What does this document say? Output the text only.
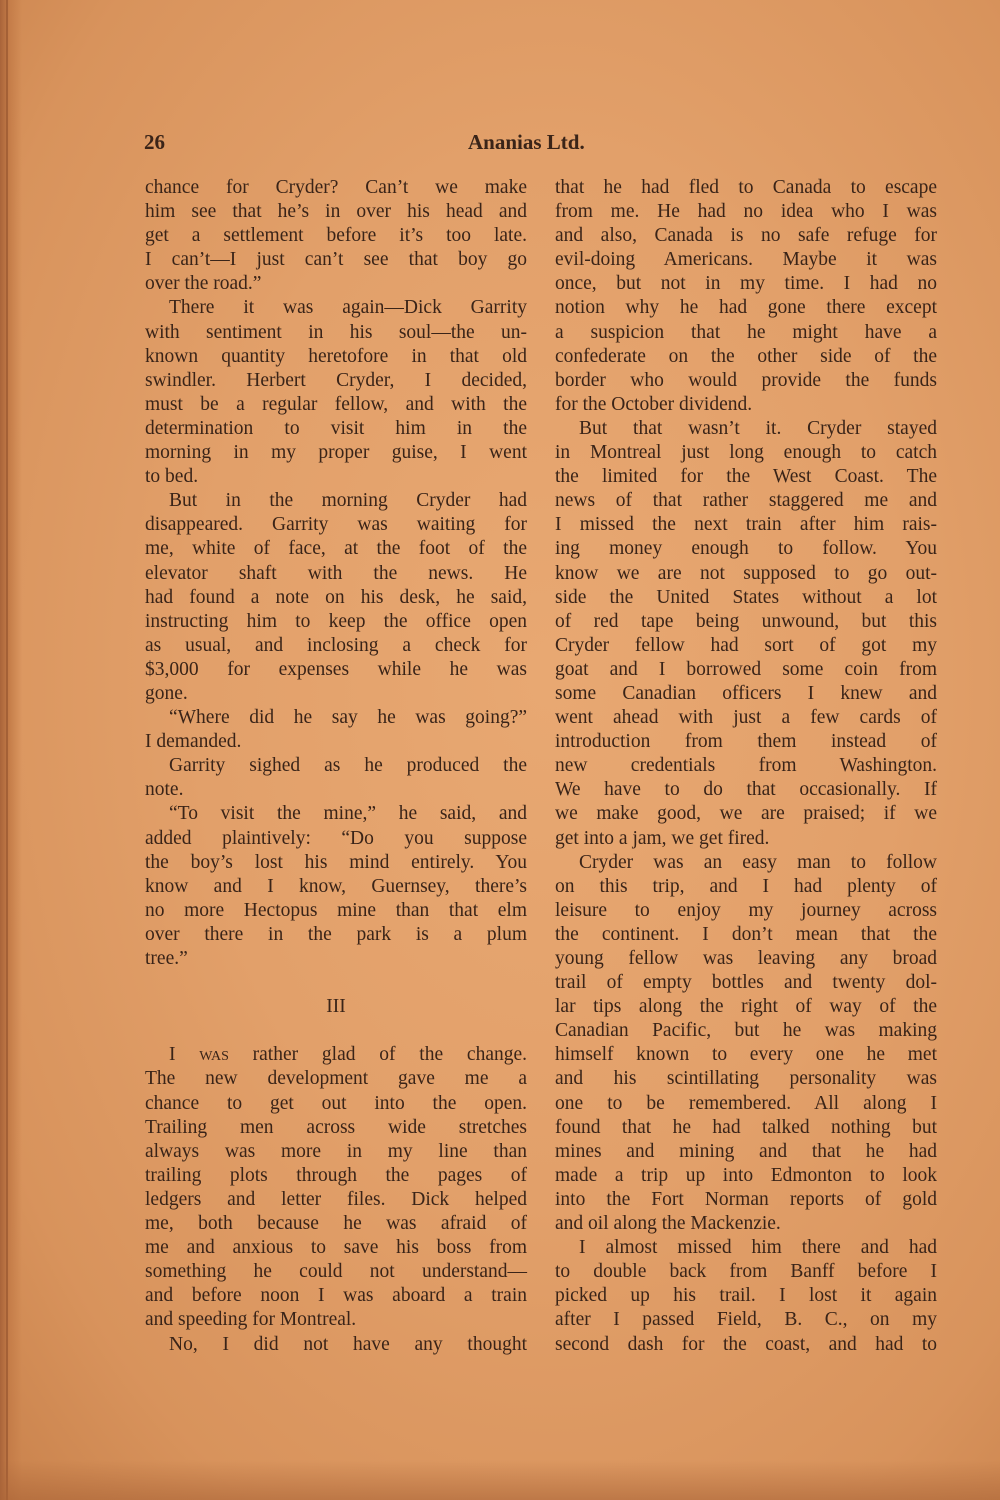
26	Ananias Ltd.
chance for Cryder? Can’t we make
him see that he’s in over his head and
get a settlement before it’s too late.
I can’t—I just can’t see that boy go
over the road.”
There it was again—Dick Garrity
with sentiment in his soul—the un-
known quantity heretofore in that old
swindler. Herbert Cryder, I decided,
must be a regular fellow, and with the
determination to visit him in the
morning in my proper guise, I went
to bed.
But in the morning Cryder had
disappeared. Garrity was waiting for
me, white of face, at the foot of the
elevator shaft with the news. He
had found a note on his desk, he said,
instructing him to keep the office open
as usual, and inclosing a check for
$3,000 for expenses while he was
gone.
“Where did he say he was going?”
I demanded.
Garrity sighed as he produced the
note.
“To visit the mine,” he said, and
added plaintively: “Do you suppose
the boy’s lost his mind entirely. You
know and I know, Guernsey, there’s
no more Hectopus mine than that elm
over there in the park is a plum
tree.”
III
I was rather glad of the change.
The new development gave me a
chance to get out into the open.
Trailing men across wide stretches
always was more in my line than
trailing plots through the pages of
ledgers and letter files. Dick helped
me, both because he was afraid of
me and anxious to save his boss from
something he could not understand—
and before noon I was aboard a train
and speeding for Montreal.
No, I did not have any thought
that he had fled to Canada to escape
from me. He had no idea who I was
and also, Canada is no safe refuge for
evil-doing Americans. Maybe it was
once, but not in my time. I had no
notion why he had gone there except
a suspicion that he might have a
confederate on the other side of the
border who would provide the funds
for the October dividend.
But that wasn’t it. Cryder stayed
in Montreal just long enough to catch
the limited for the West Coast. The
news of that rather staggered me and
I missed the next train after him rais-
ing money enough to follow. You
know we are not supposed to go out-
side the United States without a lot
of red tape being unwound, but this
Cryder fellow had sort of got my
goat and I borrowed some coin from
some Canadian officers I knew and
went ahead with just a few cards of
introduction from them instead of
new credentials from Washington.
We have to do that occasionally. If
we make good, we are praised; if we
get into a jam, we get fired.
Cryder was an easy man to follow
on this trip, and I had plenty of
leisure to enjoy my journey across
the continent. I don’t mean that the
young fellow was leaving any broad
trail of empty bottles and twenty dol-
lar tips along the right of way of the
Canadian Pacific, but he was making
himself known to every one he met
and his scintillating personality was
one to be remembered. All along I
found that he had talked nothing but
mines and mining and that he had
made a trip up into Edmonton to look
into the Fort Norman reports of gold
and oil along the Mackenzie.
I almost missed him there and had
to double back from Banff before I
picked up his trail. I lost it again
after I passed Field, B. C., on my
second dash for the coast, and had to
